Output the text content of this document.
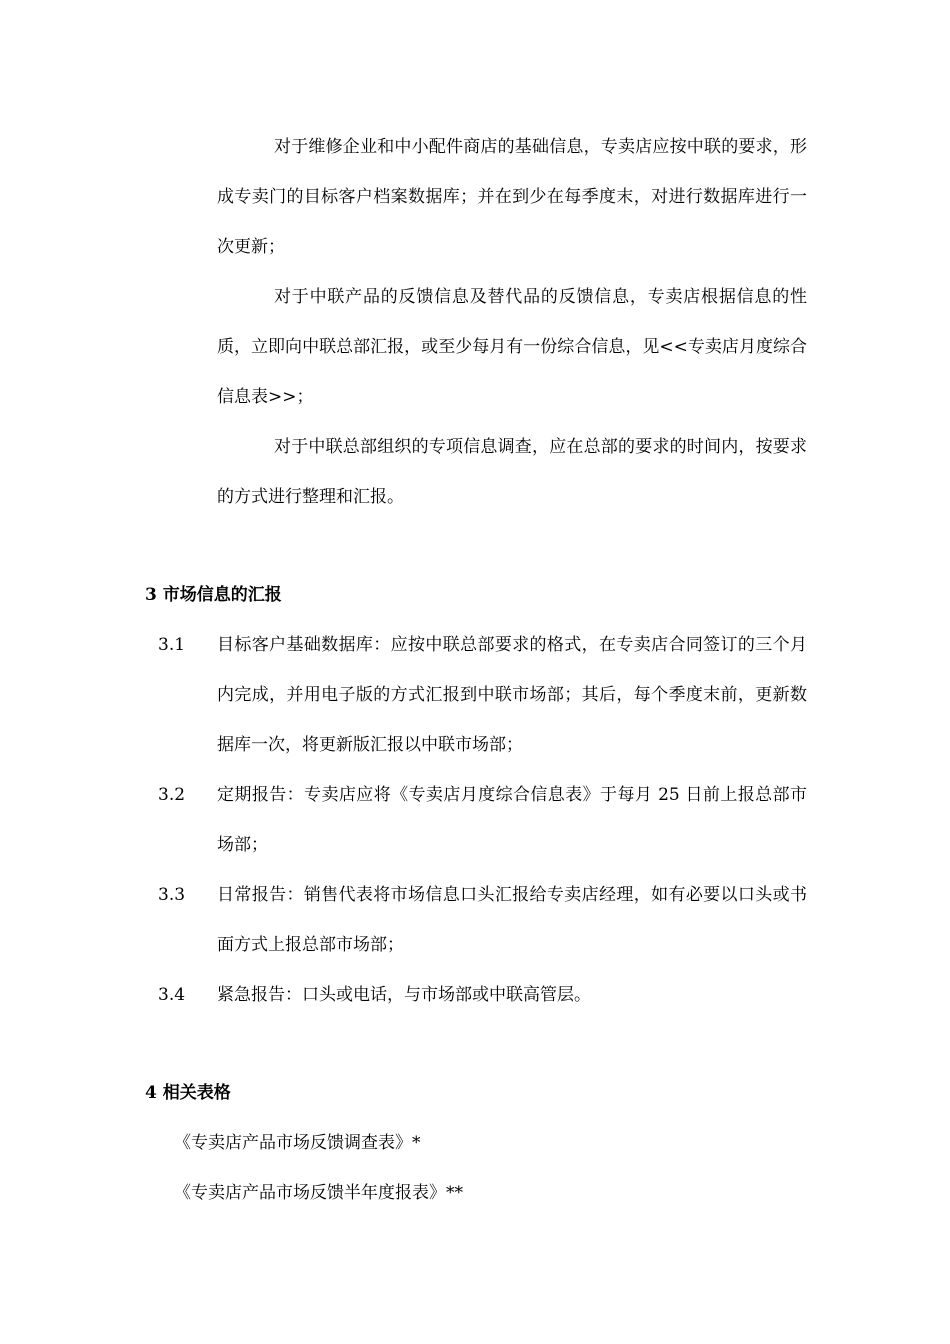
对于维修企业和中小配件商店的基础信息，专卖店应按中联的要求，形成专卖门的目标客户档案数据库；并在到少在每季度末，对进行数据库进行一次更新；

对于中联产品的反馈信息及替代品的反馈信息，专卖店根据信息的性质，立即向中联总部汇报，或至少每月有一份综合信息，见<<专卖店月度综合信息表>>；

对于中联总部组织的专项信息调查，应在总部的要求的时间内，按要求的方式进行整理和汇报。

3 市场信息的汇报
3.1	目标客户基础数据库：应按中联总部要求的格式，在专卖店合同签订的三个月内完成，并用电子版的方式汇报到中联市场部；其后，每个季度末前，更新数据库一次，将更新版汇报以中联市场部；

3.2	定期报告：专卖店应将《专卖店月度综合信息表》于每月 25 日前上报总部市场部；

3.3	日常报告：销售代表将市场信息口头汇报给专卖店经理，如有必要以口头或书面方式上报总部市场部；

3.4	紧急报告：口头或电话，与市场部或中联高管层。

4 相关表格

《专卖店产品市场反馈调查表》*

《专卖店产品市场反馈半年度报表》**
